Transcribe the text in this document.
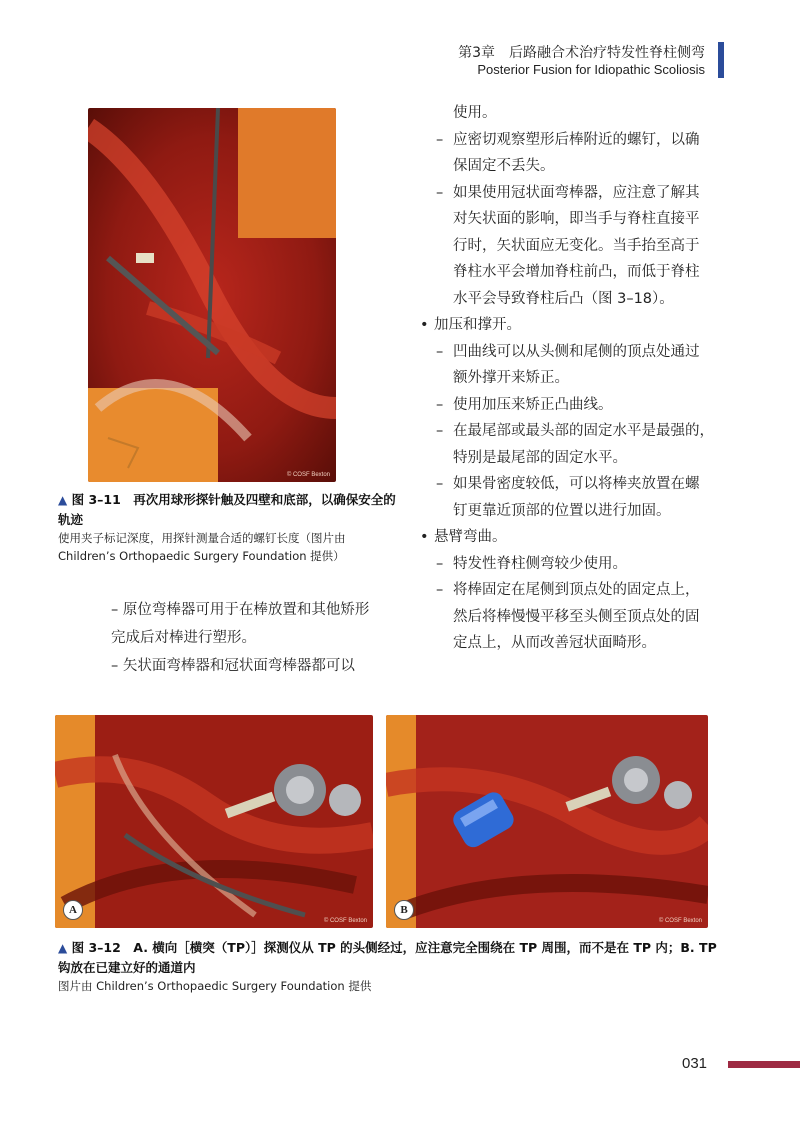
第3章　后路融合术治疗特发性脊柱侧弯
Posterior Fusion for Idiopathic Scoliosis
© COSF Bexton
▲ 图 3–11　再次用球形探针触及四壁和底部，以确保安全的轨迹
使用夹子标记深度，用探针测量合适的螺钉长度（图片由Children’s Orthopaedic Surgery Foundation 提供）
– 原位弯棒器可用于在棒放置和其他矫形
完成后对棒进行塑形。
– 矢状面弯棒器和冠状面弯棒器都可以
使用。
– 应密切观察塑形后棒附近的螺钉，以确
保固定不丢失。
– 如果使用冠状面弯棒器，应注意了解其
对矢状面的影响，即当手与脊柱直接平
行时，矢状面应无变化。当手抬至高于
脊柱水平会增加脊柱前凸，而低于脊柱
水平会导致脊柱后凸（图 3–18）。
• 加压和撑开。
– 凹曲线可以从头侧和尾侧的顶点处通过
额外撑开来矫正。
– 使用加压来矫正凸曲线。
– 在最尾部或最头部的固定水平是最强的，
特别是最尾部的固定水平。
– 如果骨密度较低，可以将棒夹放置在螺
钉更靠近顶部的位置以进行加固。
• 悬臂弯曲。
– 特发性脊柱侧弯较少使用。
– 将棒固定在尾侧到顶点处的固定点上，
然后将棒慢慢平移至头侧至顶点处的固
定点上，从而改善冠状面畸形。
A
© COSF Bexton
B
© COSF Bexton
▲ 图 3–12　A. 横向［横突（TP）］探测仪从 TP 的头侧经过，应注意完全围绕在 TP 周围，而不是在 TP 内；B. TP 钩放在已建立好的通道内
图片由 Children’s Orthopaedic Surgery Foundation 提供
031
